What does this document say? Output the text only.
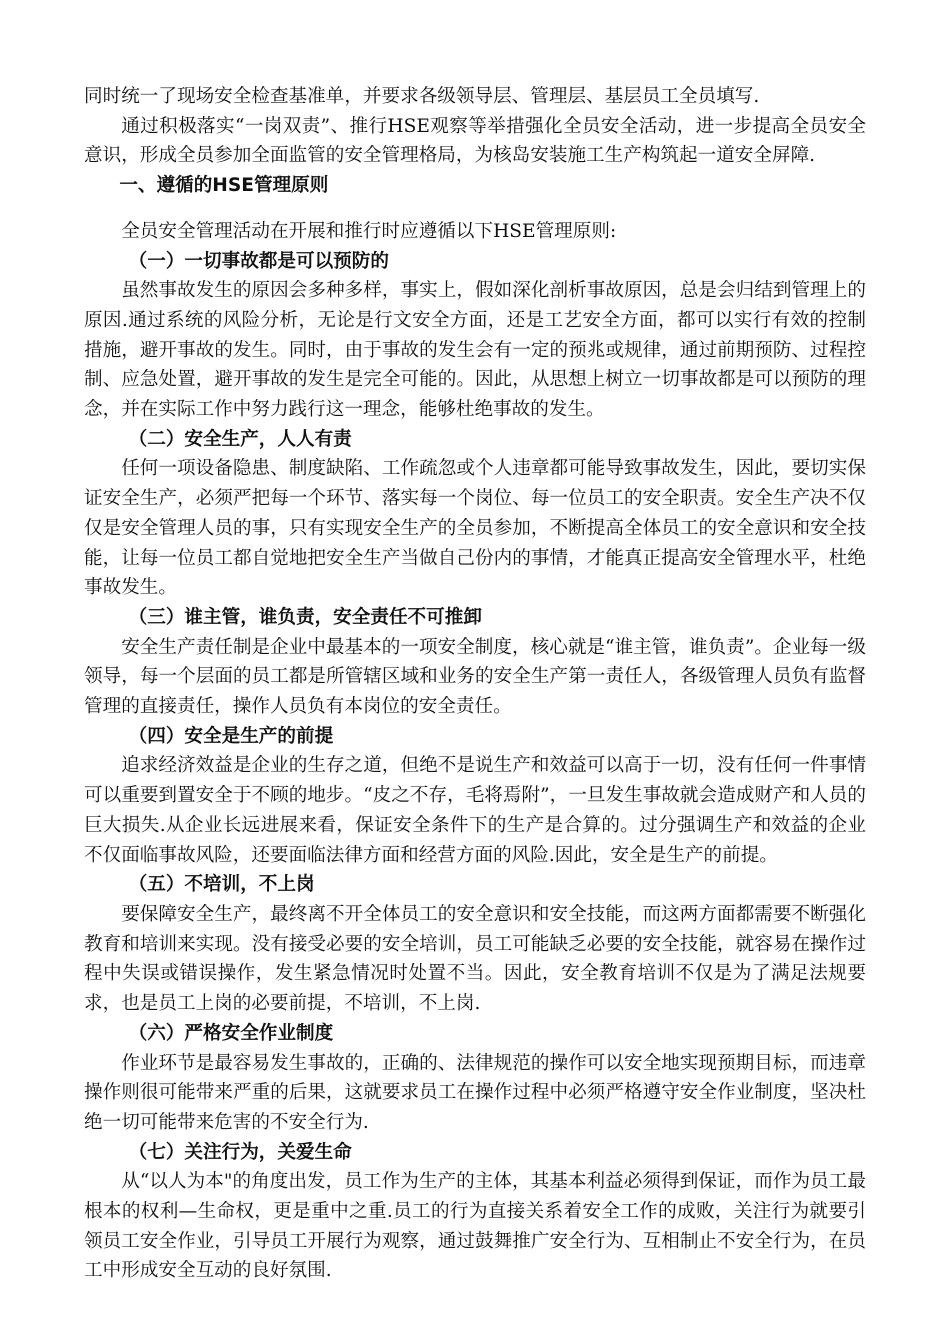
同时统一了现场安全检查基准单，并要求各级领导层、管理层、基层员工全员填写.

通过积极落实“一岗双责”、推行HSE观察等举措强化全员安全活动，进一步提高全员安全意识，形成全员参加全面监管的安全管理格局，为核岛安装施工生产构筑起一道安全屏障.

一、遵循的HSE管理原则

全员安全管理活动在开展和推行时应遵循以下HSE管理原则:

（一）一切事故都是可以预防的

虽然事故发生的原因会多种多样，事实上，假如深化剖析事故原因，总是会归结到管理上的原因.通过系统的风险分析，无论是行文安全方面，还是工艺安全方面，都可以实行有效的控制措施，避开事故的发生。同时，由于事故的发生会有一定的预兆或规律，通过前期预防、过程控制、应急处置，避开事故的发生是完全可能的。因此，从思想上树立一切事故都是可以预防的理念，并在实际工作中努力践行这一理念，能够杜绝事故的发生。

（二）安全生产，人人有责

任何一项设备隐患、制度缺陷、工作疏忽或个人违章都可能导致事故发生，因此，要切实保证安全生产，必须严把每一个环节、落实每一个岗位、每一位员工的安全职责。安全生产决不仅仅是安全管理人员的事，只有实现安全生产的全员参加，不断提高全体员工的安全意识和安全技能，让每一位员工都自觉地把安全生产当做自己份内的事情，才能真正提高安全管理水平，杜绝事故发生。

（三）谁主管，谁负责，安全责任不可推卸

安全生产责任制是企业中最基本的一项安全制度，核心就是“谁主管，谁负责”。企业每一级领导，每一个层面的员工都是所管辖区域和业务的安全生产第一责任人，各级管理人员负有监督管理的直接责任，操作人员负有本岗位的安全责任。

（四）安全是生产的前提

追求经济效益是企业的生存之道，但绝不是说生产和效益可以高于一切，没有任何一件事情可以重要到置安全于不顾的地步。“皮之不存，毛将焉附”，一旦发生事故就会造成财产和人员的巨大损失.从企业长远进展来看，保证安全条件下的生产是合算的。过分强调生产和效益的企业不仅面临事故风险，还要面临法律方面和经营方面的风险.因此，安全是生产的前提。

（五）不培训，不上岗

要保障安全生产，最终离不开全体员工的安全意识和安全技能，而这两方面都需要不断强化教育和培训来实现。没有接受必要的安全培训，员工可能缺乏必要的安全技能，就容易在操作过程中失误或错误操作，发生紧急情况时处置不当。因此，安全教育培训不仅是为了满足法规要求，也是员工上岗的必要前提，不培训，不上岗.

（六）严格安全作业制度

作业环节是最容易发生事故的，正确的、法律规范的操作可以安全地实现预期目标，而违章操作则很可能带来严重的后果，这就要求员工在操作过程中必须严格遵守安全作业制度，坚决杜绝一切可能带来危害的不安全行为.

（七）关注行为，关爱生命

从“以人为本"的角度出发，员工作为生产的主体，其基本利益必须得到保证，而作为员工最根本的权利—生命权，更是重中之重.员工的行为直接关系着安全工作的成败，关注行为就要引领员工安全作业，引导员工开展行为观察，通过鼓舞推广安全行为、互相制止不安全行为，在员工中形成安全互动的良好氛围.
